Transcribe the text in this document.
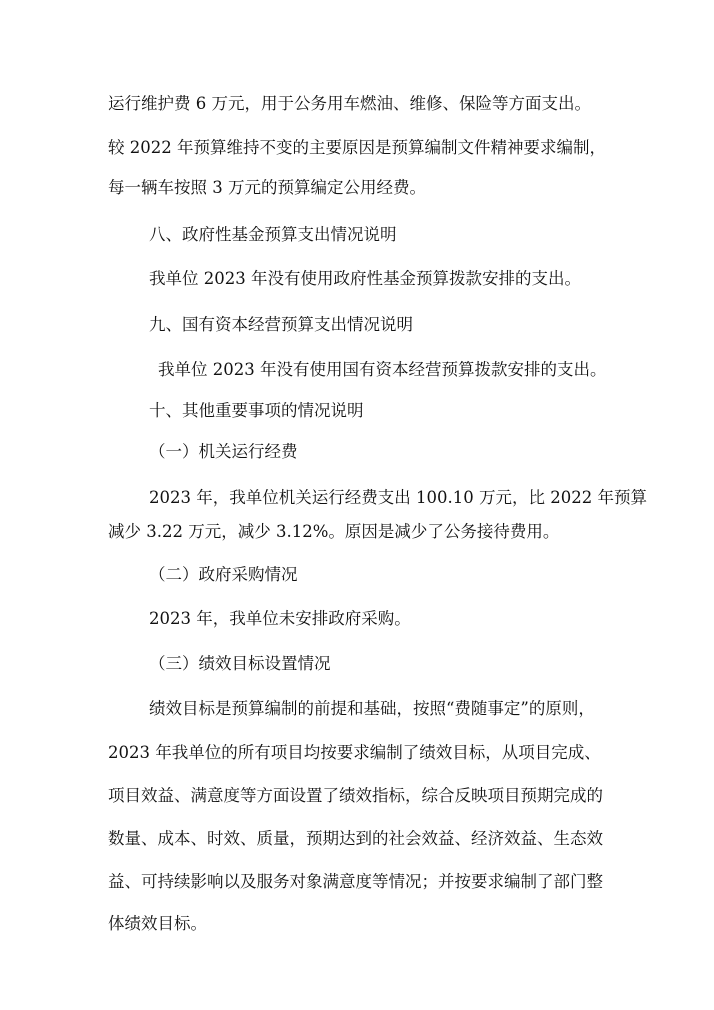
运行维护费 6 万元，用于公务用车燃油、维修、保险等方面支出。

较 2022 年预算维持不变的主要原因是预算编制文件精神要求编制，

每一辆车按照 3 万元的预算编定公用经费。

八、政府性基金预算支出情况说明

我单位 2023 年没有使用政府性基金预算拨款安排的支出。

九、国有资本经营预算支出情况说明

我单位 2023 年没有使用国有资本经营预算拨款安排的支出。

十、其他重要事项的情况说明
（一）机关运行经费

2023 年，我单位机关运行经费支出 100.10 万元，比 2022 年预算

减少 3.22 万元，减少 3.12%。原因是减少了公务接待费用。

（二）政府采购情况

2023 年，我单位未安排政府采购。

（三）绩效目标设置情况

绩效目标是预算编制的前提和基础，按照“费随事定”的原则，

2023 年我单位的所有项目均按要求编制了绩效目标，从项目完成、

项目效益、满意度等方面设置了绩效指标，综合反映项目预期完成的

数量、成本、时效、质量，预期达到的社会效益、经济效益、生态效

益、可持续影响以及服务对象满意度等情况；并按要求编制了部门整

体绩效目标。
